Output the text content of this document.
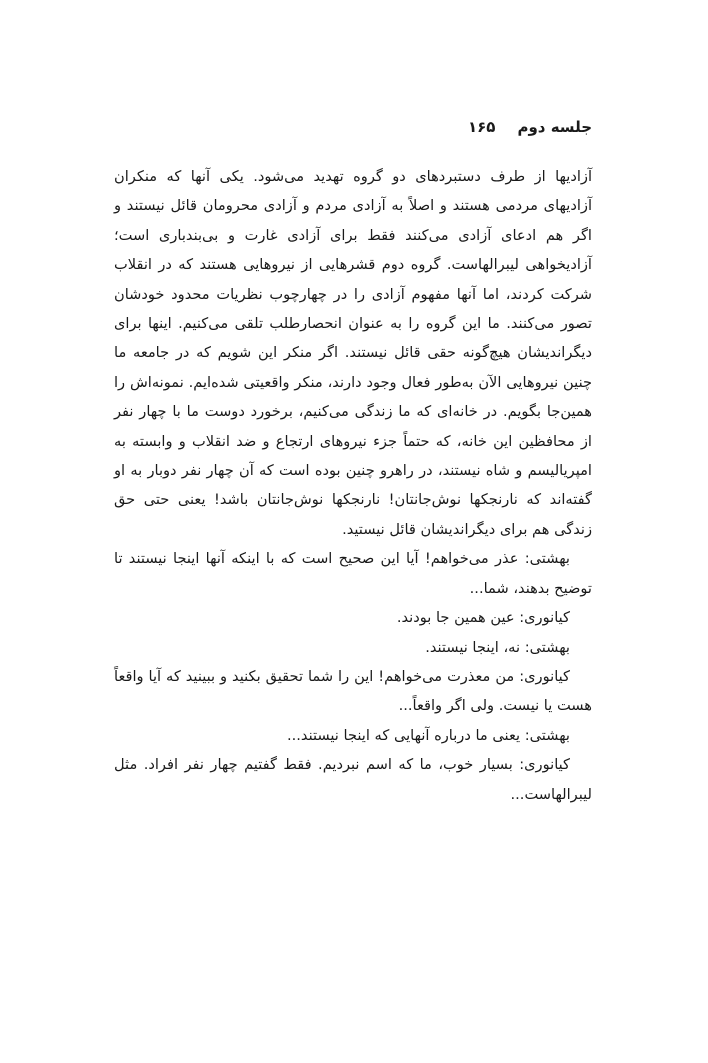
جلسه دوم
۱۶۵

آزادیها از طرف دستبردهای دو گروه تهدید می‌شود. یکی آنها که منکران آزادیهای مردمی هستند و اصلاً به آزادی مردم و آزادی محرومان قائل نیستند و اگر هم ادعای آزادی می‌کنند فقط برای آزادی غارت و بی‌بندباری است؛ آزادیخواهی لیبرالهاست. گروه دوم قشرهایی از نیروهایی هستند که در انقلاب شرکت کردند، اما آنها مفهوم آزادی را در چهارچوب نظریات محدود خودشان تصور می‌کنند. ما این گروه را به عنوان انحصارطلب تلقی می‌کنیم. اینها برای دیگراندیشان هیچ‌گونه حقی قائل نیستند. اگر منکر این شویم که در جامعه ما چنین نیروهایی الآن به‌طور فعال وجود دارند، منکر واقعیتی شده‌ایم. نمونه‌اش را همین‌جا بگویم. در خانه‌ای که ما زندگی می‌کنیم، برخورد دوست ما با چهار نفر از محافظین این خانه، که حتماً جزء نیروهای ارتجاع و ضد انقلاب و وابسته به امپریالیسم و شاه نیستند، در راهرو چنین بوده است که آن چهار نفر دوبار به او گفته‌اند که نارنجکها نوش‌جانتان! نارنجکها نوش‌جانتان باشد! یعنی حتی حق زندگی هم برای دیگراندیشان قائل نیستید.

بهشتی: عذر می‌خواهم! آیا این صحیح است که با اینکه آنها اینجا نیستند تا توضیح بدهند، شما...

کیانوری: عین همین جا بودند.

بهشتی: نه، اینجا نیستند.

کیانوری: من معذرت می‌خواهم! این را شما تحقیق بکنید و ببینید که آیا واقعاً هست یا نیست. ولی اگر واقعاً...

بهشتی: یعنی ما درباره آنهایی که اینجا نیستند...

کیانوری: بسیار خوب، ما که اسم نبردیم. فقط گفتیم چهار نفر افراد. مثل لیبرالهاست...
